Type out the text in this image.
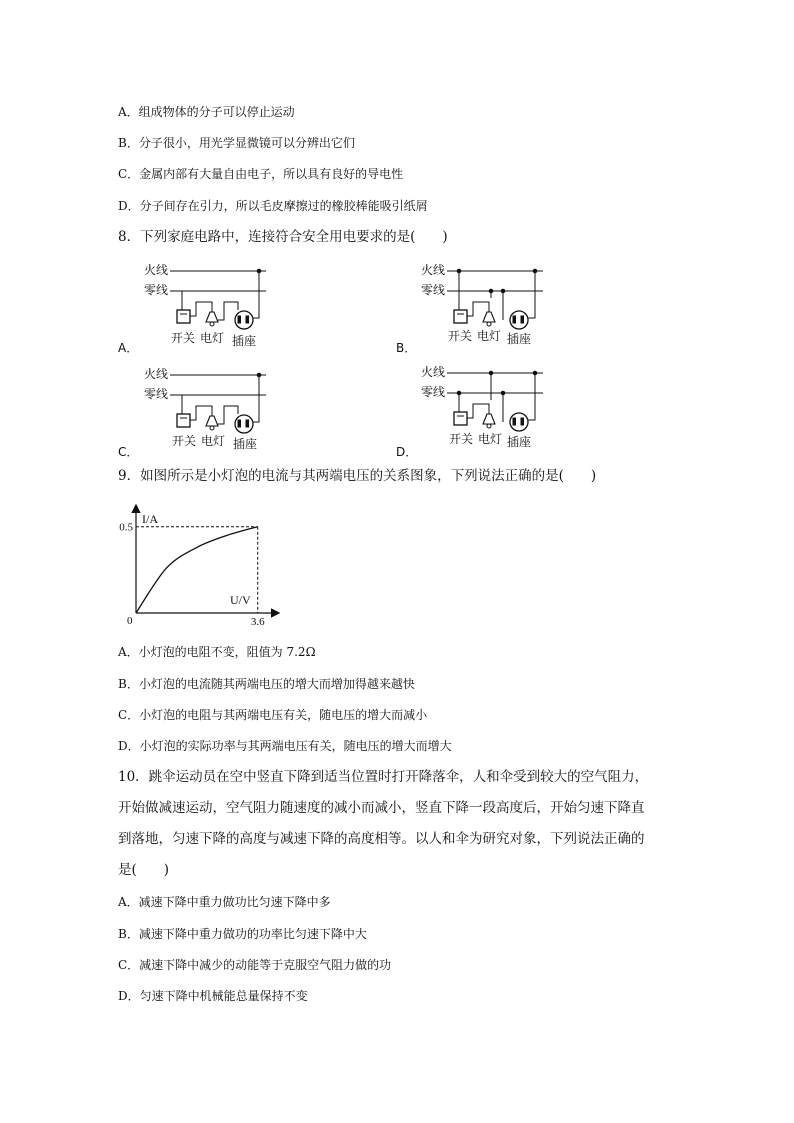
A．组成物体的分子可以停止运动
B．分子很小，用光学显微镜可以分辨出它们
C．金属内部有大量自由电子，所以具有良好的导电性
D．分子间存在引力，所以毛皮摩擦过的橡胶棒能吸引纸屑
8．下列家庭电路中，连接符合安全用电要求的是(　　)
火线
零线
开关 电灯 插座
A．
火线
零线
开关 电灯 插座
B．
火线
零线
开关 电灯 插座
C．
火线
零线
开关 电灯 插座
D．
9．如图所示是小灯泡的电流与其两端电压的关系图象，下列说法正确的是(　　)
I/A
U/V
0
0.5
3.6
A．小灯泡的电阻不变，阻值为 7.2Ω
B．小灯泡的电流随其两端电压的增大而增加得越来越快
C．小灯泡的电阻与其两端电压有关，随电压的增大而减小
D．小灯泡的实际功率与其两端电压有关，随电压的增大而增大
10．跳伞运动员在空中竖直下降到适当位置时打开降落伞，人和伞受到较大的空气阻力，
开始做减速运动，空气阻力随速度的减小而减小，竖直下降一段高度后，开始匀速下降直
到落地，匀速下降的高度与减速下降的高度相等。以人和伞为研究对象，下列说法正确的
是(　　)
A．减速下降中重力做功比匀速下降中多
B．减速下降中重力做功的功率比匀速下降中大
C．减速下降中减少的动能等于克服空气阻力做的功
D．匀速下降中机械能总量保持不变
